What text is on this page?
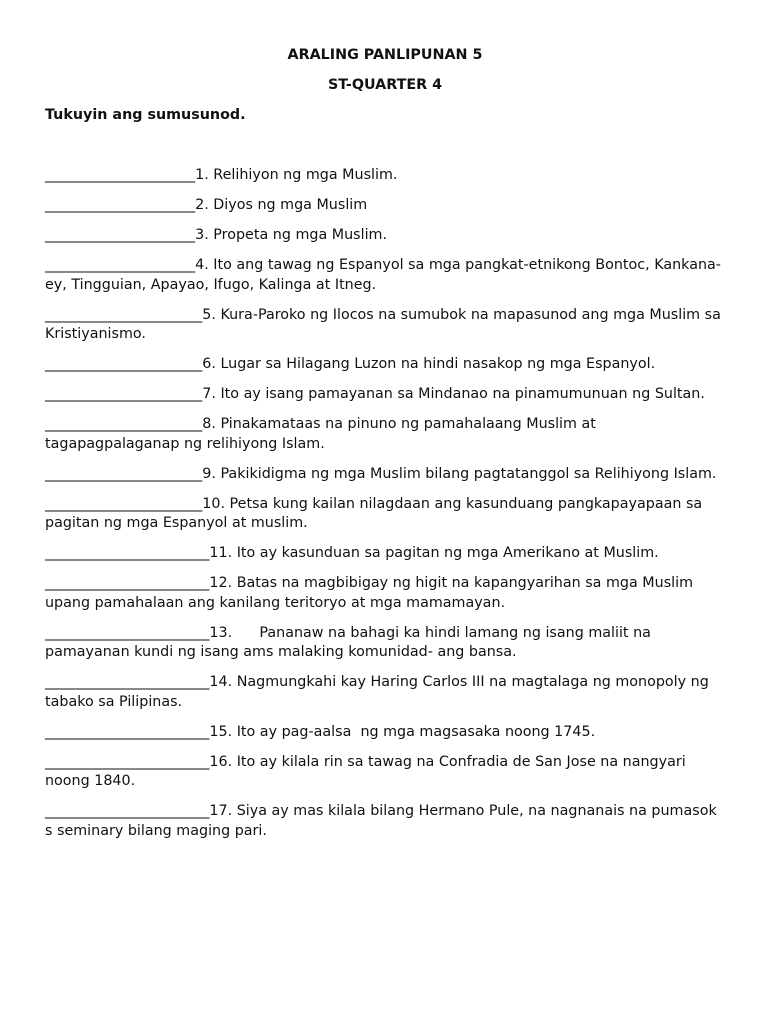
ARALING PANLIPUNAN 5
ST-QUARTER 4
Tukuyin ang sumusunod.
_____________________1. Relihiyon ng mga Muslim.
_____________________2. Diyos ng mga Muslim
_____________________3. Propeta ng mga Muslim.
_____________________4. Ito ang tawag ng Espanyol sa mga pangkat-etnikong Bontoc, Kankana-ey, Tingguian, Apayao, Ifugo, Kalinga at Itneg.
______________________5. Kura-Paroko ng Ilocos na sumubok na mapasunod ang mga Muslim sa Kristiyanismo.
______________________6. Lugar sa Hilagang Luzon na hindi nasakop ng mga Espanyol.
______________________7. Ito ay isang pamayanan sa Mindanao na pinamumunuan ng Sultan.
______________________8. Pinakamataas na pinuno ng pamahalaang Muslim at tagapagpalaganap ng relihiyong Islam.
______________________9. Pakikidigma ng mga Muslim bilang pagtatanggol sa Relihiyong Islam.
______________________10. Petsa kung kailan nilagdaan ang kasunduang pangkapayapaan sa pagitan ng mga Espanyol at muslim.
_______________________11. Ito ay kasunduan sa pagitan ng mga Amerikano at Muslim.
_______________________12. Batas na magbibigay ng higit na kapangyarihan sa mga Muslim upang pamahalaan ang kanilang teritoryo at mga mamamayan.
_______________________13.      Pananaw na bahagi ka hindi lamang ng isang maliit na pamayanan kundi ng isang ams malaking komunidad- ang bansa.
_______________________14. Nagmungkahi kay Haring Carlos III na magtalaga ng monopoly ng tabako sa Pilipinas.
_______________________15. Ito ay pag-aalsa  ng mga magsasaka noong 1745.
_______________________16. Ito ay kilala rin sa tawag na Confradia de San Jose na nangyari noong 1840.
_______________________17. Siya ay mas kilala bilang Hermano Pule, na nagnanais na pumasok s seminary bilang maging pari.
